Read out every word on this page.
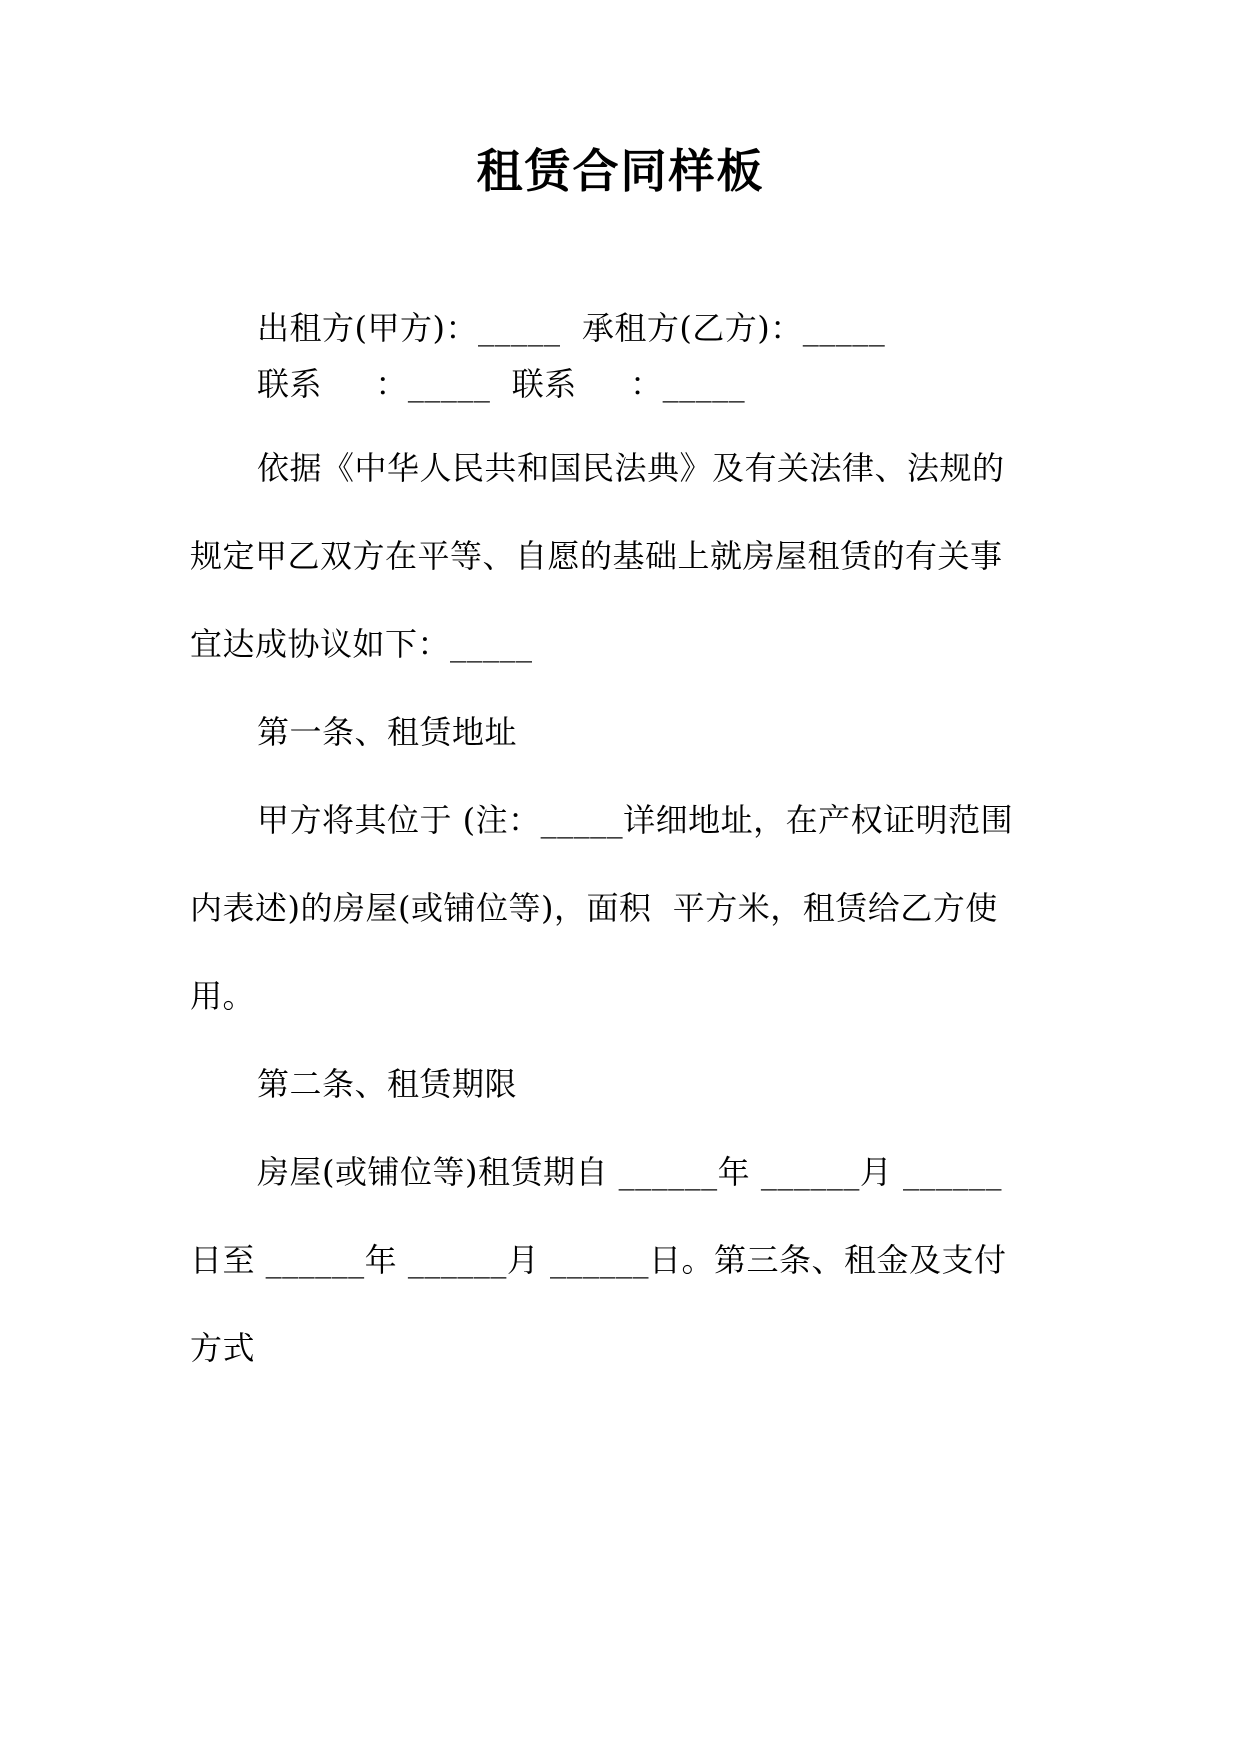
租赁合同样板
出租方(甲方)：_____  承租方(乙方)：_____
联系     ：_____  联系     ：_____
依据《中华人民共和国民法典》及有关法律、法规的
规定甲乙双方在平等、自愿的基础上就房屋租赁的有关事
宜达成协议如下：_____
第一条、租赁地址
甲方将其位于 (注：_____详细地址，在产权证明范围
内表述)的房屋(或铺位等)，面积  平方米，租赁给乙方使
用。
第二条、租赁期限
房屋(或铺位等)租赁期自 ______年 ______月 ______
日至 ______年 ______月 ______日。第三条、租金及支付
方式
